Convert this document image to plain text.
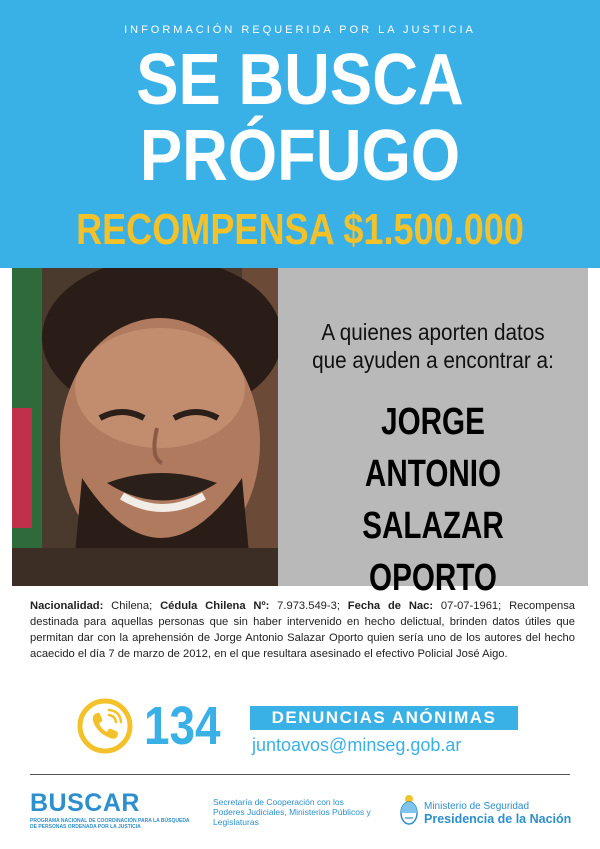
INFORMACIÓN REQUERIDA POR LA JUSTICIA
SE BUSCA
PRÓFUGO
RECOMPENSA $1.500.000
A quienes aporten datos
que ayuden a encontrar a:
JORGE ANTONIO
SALAZAR
OPORTO
Nacionalidad: Chilena; Cédula Chilena Nº: 7.973.549-3; Fecha de Nac: 07-07-1961; Recompensa destinada para aquellas personas que sin haber intervenido en hecho delictual, brinden datos útiles que permitan dar con la aprehensión de Jorge Antonio Salazar Oporto quien sería uno de los autores del hecho acaecido el día 7 de marzo de 2012, en el que resultara asesinado el efectivo Policial José Aigo.
134	DENUNCIAS ANÓNIMAS
juntoavos@minseg.gob.ar
BUSCAR
PROGRAMA NACIONAL DE COORDINACIÓN PARA LA BÚSQUEDA DE PERSONAS ORDENADA POR LA JUSTICIA
Secretaría de Cooperación con los Poderes Judiciales, Ministerios Públicos y Legislaturas
Ministerio de Seguridad
Presidencia de la Nación
